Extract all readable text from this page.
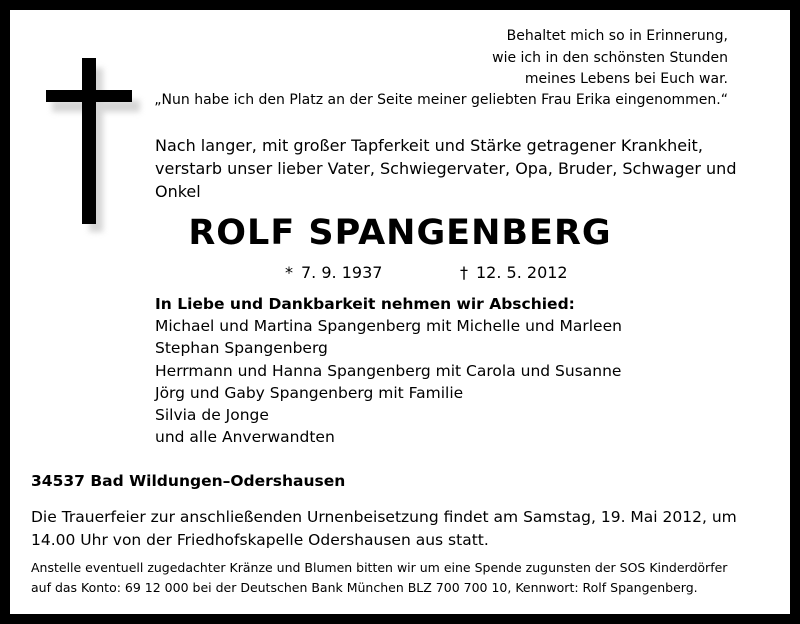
Behaltet mich so in Erinnerung,
wie ich in den schönsten Stunden
meines Lebens bei Euch war.
„Nun habe ich den Platz an der Seite meiner geliebten Frau Erika eingenommen.“
Nach langer, mit großer Tapferkeit und Stärke getragener Krankheit,
verstarb unser lieber Vater, Schwiegervater, Opa, Bruder, Schwager und
Onkel
ROLF SPANGENBERG
* 7. 9. 1937	† 12. 5. 2012
In Liebe und Dankbarkeit nehmen wir Abschied:
Michael und Martina Spangenberg mit Michelle und Marleen
Stephan Spangenberg
Herrmann und Hanna Spangenberg mit Carola und Susanne
Jörg und Gaby Spangenberg mit Familie
Silvia de Jonge
und alle Anverwandten
34537 Bad Wildungen–Odershausen
Die Trauerfeier zur anschließenden Urnenbeisetzung findet am Samstag, 19. Mai 2012, um
14.00 Uhr von der Friedhofskapelle Odershausen aus statt.
Anstelle eventuell zugedachter Kränze und Blumen bitten wir um eine Spende zugunsten der SOS Kinderdörfer
auf das Konto: 69 12 000 bei der Deutschen Bank München BLZ 700 700 10, Kennwort: Rolf Spangenberg.
